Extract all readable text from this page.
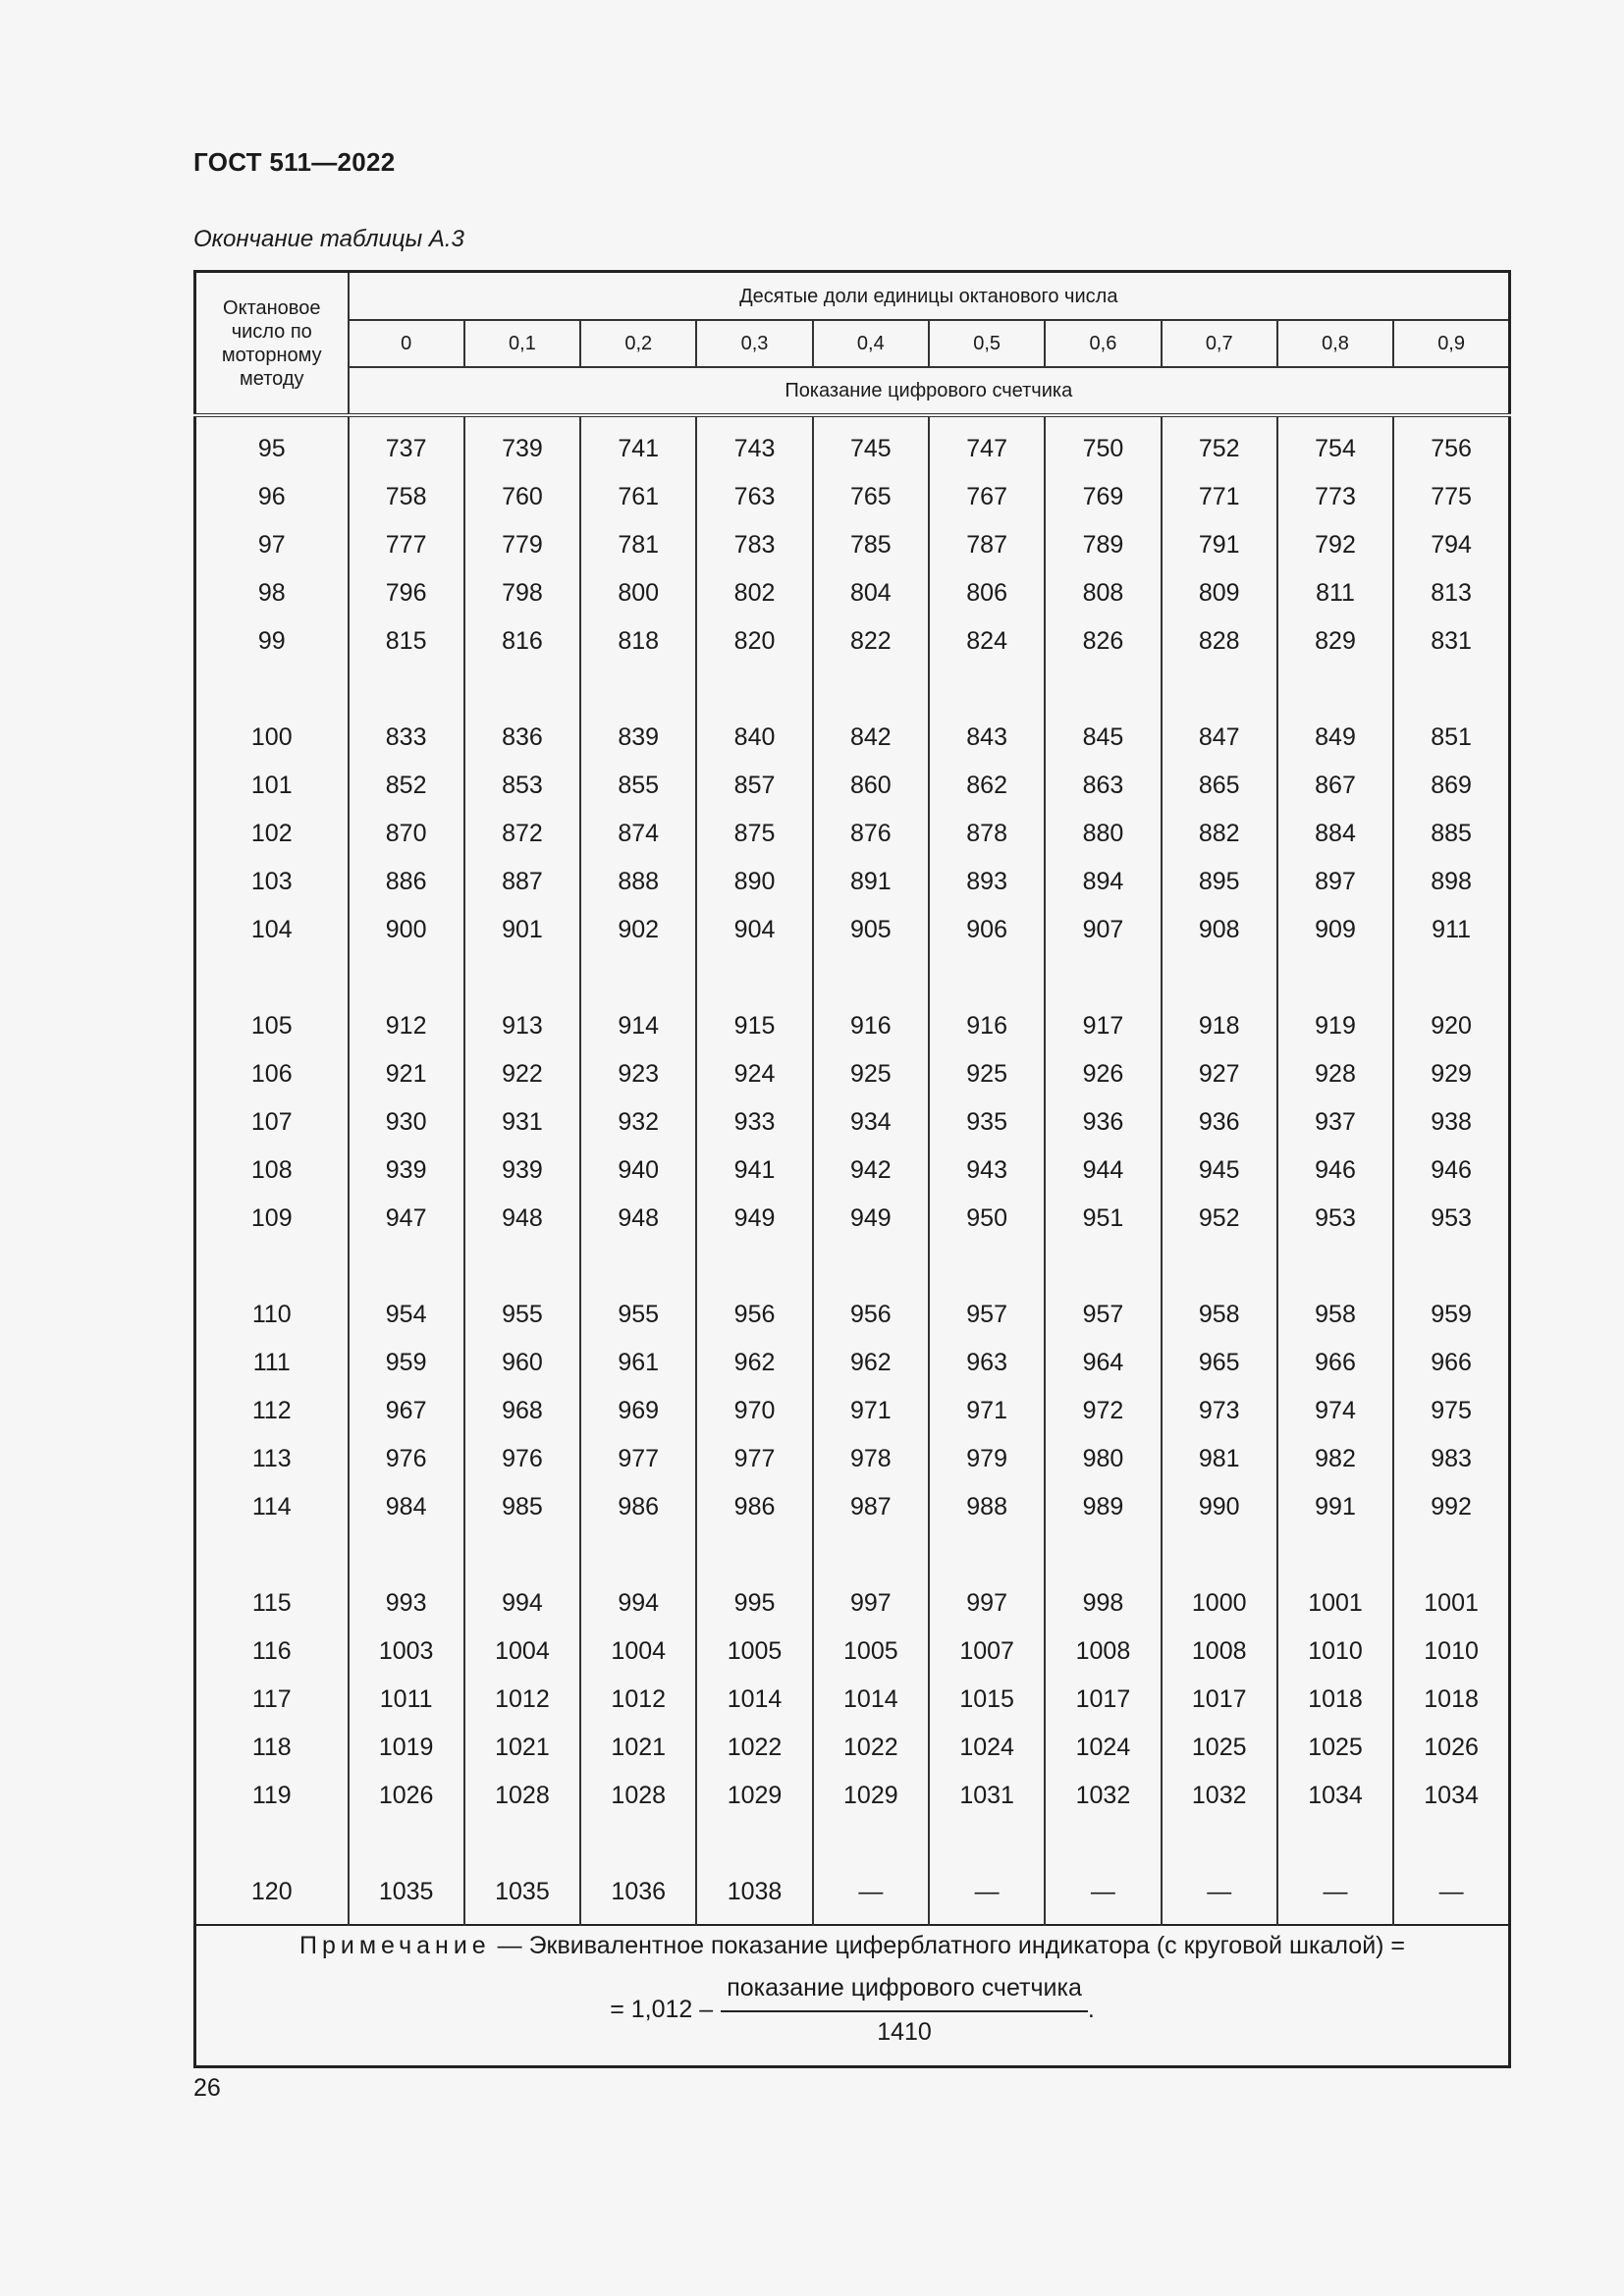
ГОСТ 511—2022
Окончание таблицы А.3
Октановое число по моторному методу	Десятые доли единицы октанового числа									
	0	0,1	0,2	0,3	0,4	0,5	0,6	0,7	0,8	0,9
	Показание цифрового счетчика									
95	737	739	741	743	745	747	750	752	754	756
96	758	760	761	763	765	767	769	771	773	775
97	777	779	781	783	785	787	789	791	792	794
98	796	798	800	802	804	806	808	809	811	813
99	815	816	818	820	822	824	826	828	829	831

100	833	836	839	840	842	843	845	847	849	851
101	852	853	855	857	860	862	863	865	867	869
102	870	872	874	875	876	878	880	882	884	885
103	886	887	888	890	891	893	894	895	897	898
104	900	901	902	904	905	906	907	908	909	911

105	912	913	914	915	916	916	917	918	919	920
106	921	922	923	924	925	925	926	927	928	929
107	930	931	932	933	934	935	936	936	937	938
108	939	939	940	941	942	943	944	945	946	946
109	947	948	948	949	949	950	951	952	953	953

110	954	955	955	956	956	957	957	958	958	959
111	959	960	961	962	962	963	964	965	966	966
112	967	968	969	970	971	971	972	973	974	975
113	976	976	977	977	978	979	980	981	982	983
114	984	985	986	986	987	988	989	990	991	992

115	993	994	994	995	997	997	998	1000	1001	1001
116	1003	1004	1004	1005	1005	1007	1008	1008	1010	1010
117	1011	1012	1012	1014	1014	1015	1017	1017	1018	1018
118	1019	1021	1021	1022	1022	1024	1024	1025	1025	1026
119	1026	1028	1028	1029	1029	1031	1032	1032	1034	1034

120	1035	1035	1036	1038	—	—	—	—	—	—

Примечание — Эквивалентное показание циферблатного индикатора (с круговой шкалой) =
= $1,012 - \frac{\text{показание цифрового счетчика}}{1410}$ .										
26
